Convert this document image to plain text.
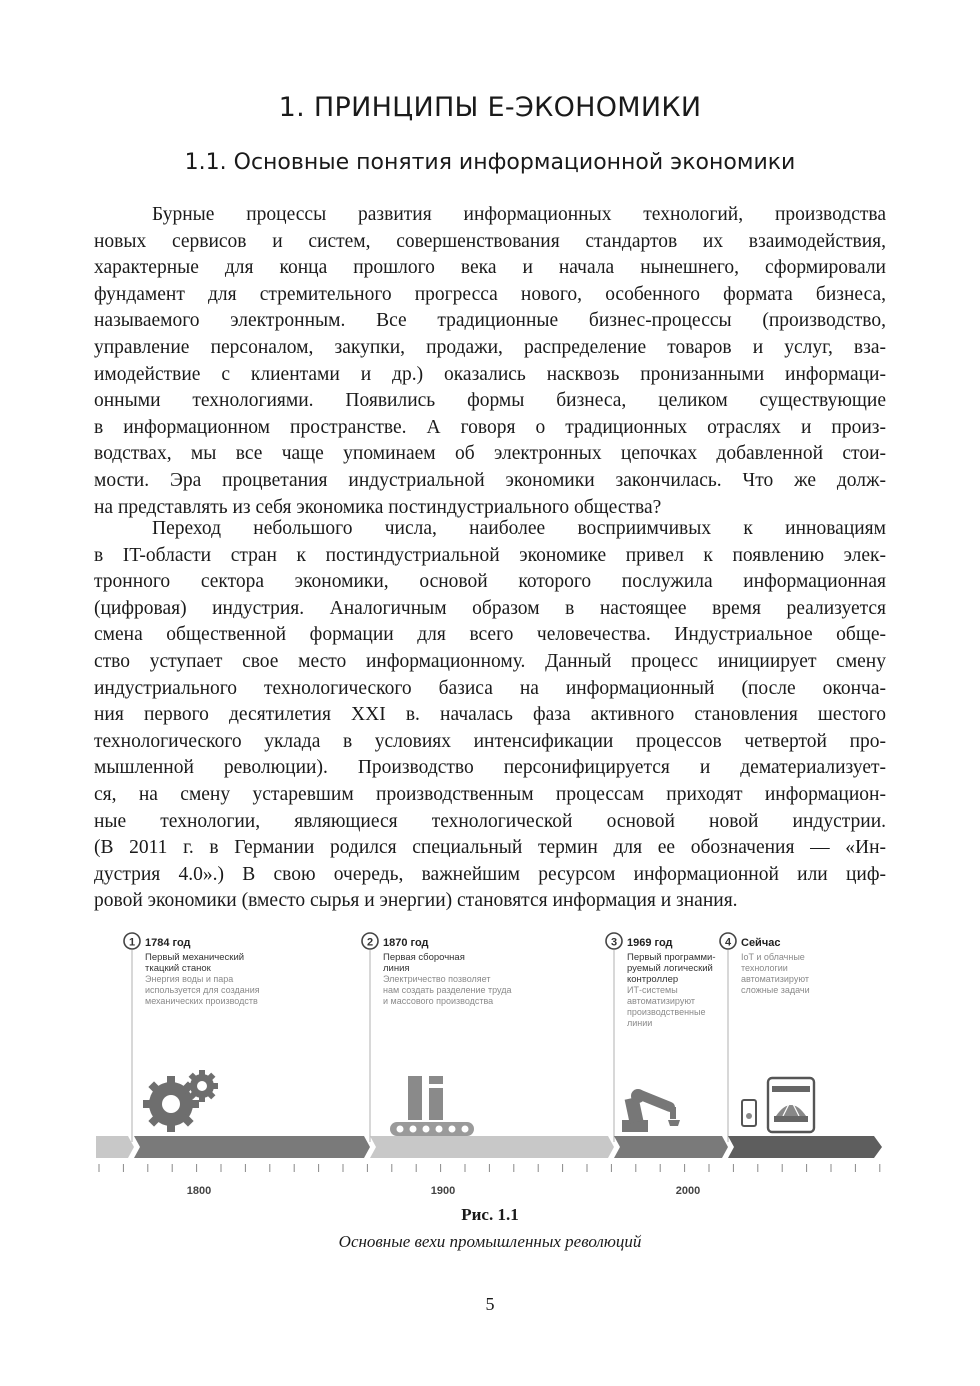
1. ПРИНЦИПЫ Е-ЭКОНОМИКИ
1.1. Основные понятия информационной экономики
Бурные процессы развития информационных технологий, производства
новых сервисов и систем, совершенствования стандартов их взаимодействия,
характерные для конца прошлого века и начала нынешнего, сформировали
фундамент для стремительного прогресса нового, особенного формата бизнеса,
называемого электронным. Все традиционные бизнес-процессы (производство,
управление персоналом, закупки, продажи, распределение товаров и услуг, вза-
имодействие с клиентами и др.) оказались насквозь пронизанными информаци-
онными технологиями. Появились формы бизнеса, целиком существующие
в информационном пространстве. А говоря о традиционных отраслях и произ-
водствах, мы все чаще упоминаем об электронных цепочках добавленной стои-
мости. Эра процветания индустриальной экономики закончилась. Что же долж-
на представлять из себя экономика постиндустриального общества?
Переход небольшого числа, наиболее восприимчивых к инновациям
в IT-области стран к постиндустриальной экономике привел к появлению элек-
тронного сектора экономики, основой которого послужила информационная
(цифровая) индустрия. Аналогичным образом в настоящее время реализуется
смена общественной формации для всего человечества. Индустриальное обще-
ство уступает свое место информационному. Данный процесс инициирует смену
индустриального технологического базиса на информационный (после оконча-
ния первого десятилетия XXI в. началась фаза активного становления шестого
технологического уклада в условиях интенсификации процессов четвертой про-
мышленной революции). Производство персонифицируется и дематериализует-
ся, на смену устаревшим производственным процессам приходят информацион-
ные технологии, являющиеся технологической основой новой индустрии.
(В 2011 г. в Германии родился специальный термин для ее обозначения — «Ин-
дустрия 4.0».) В свою очередь, важнейшим ресурсом информационной или циф-
ровой экономики (вместо сырья и энергии) становятся информация и знания.
1	2	3	4
1784 год
Первый механический
ткацкий станок
Энергия воды и пара
используется для создания
механических производств
1870 год
Первая сборочная
линия
Электричество позволяет
нам создать разделение труда
и массового производства
1969 год
Первый программи-
руемый логический
контроллер
ИТ-системы
автоматизируют
производственные
линии
Сейчас
IoT и облачные
технологии
автоматизируют
сложные задачи
1800	1900	2000
Рис. 1.1
Основные вехи промышленных революций
5
